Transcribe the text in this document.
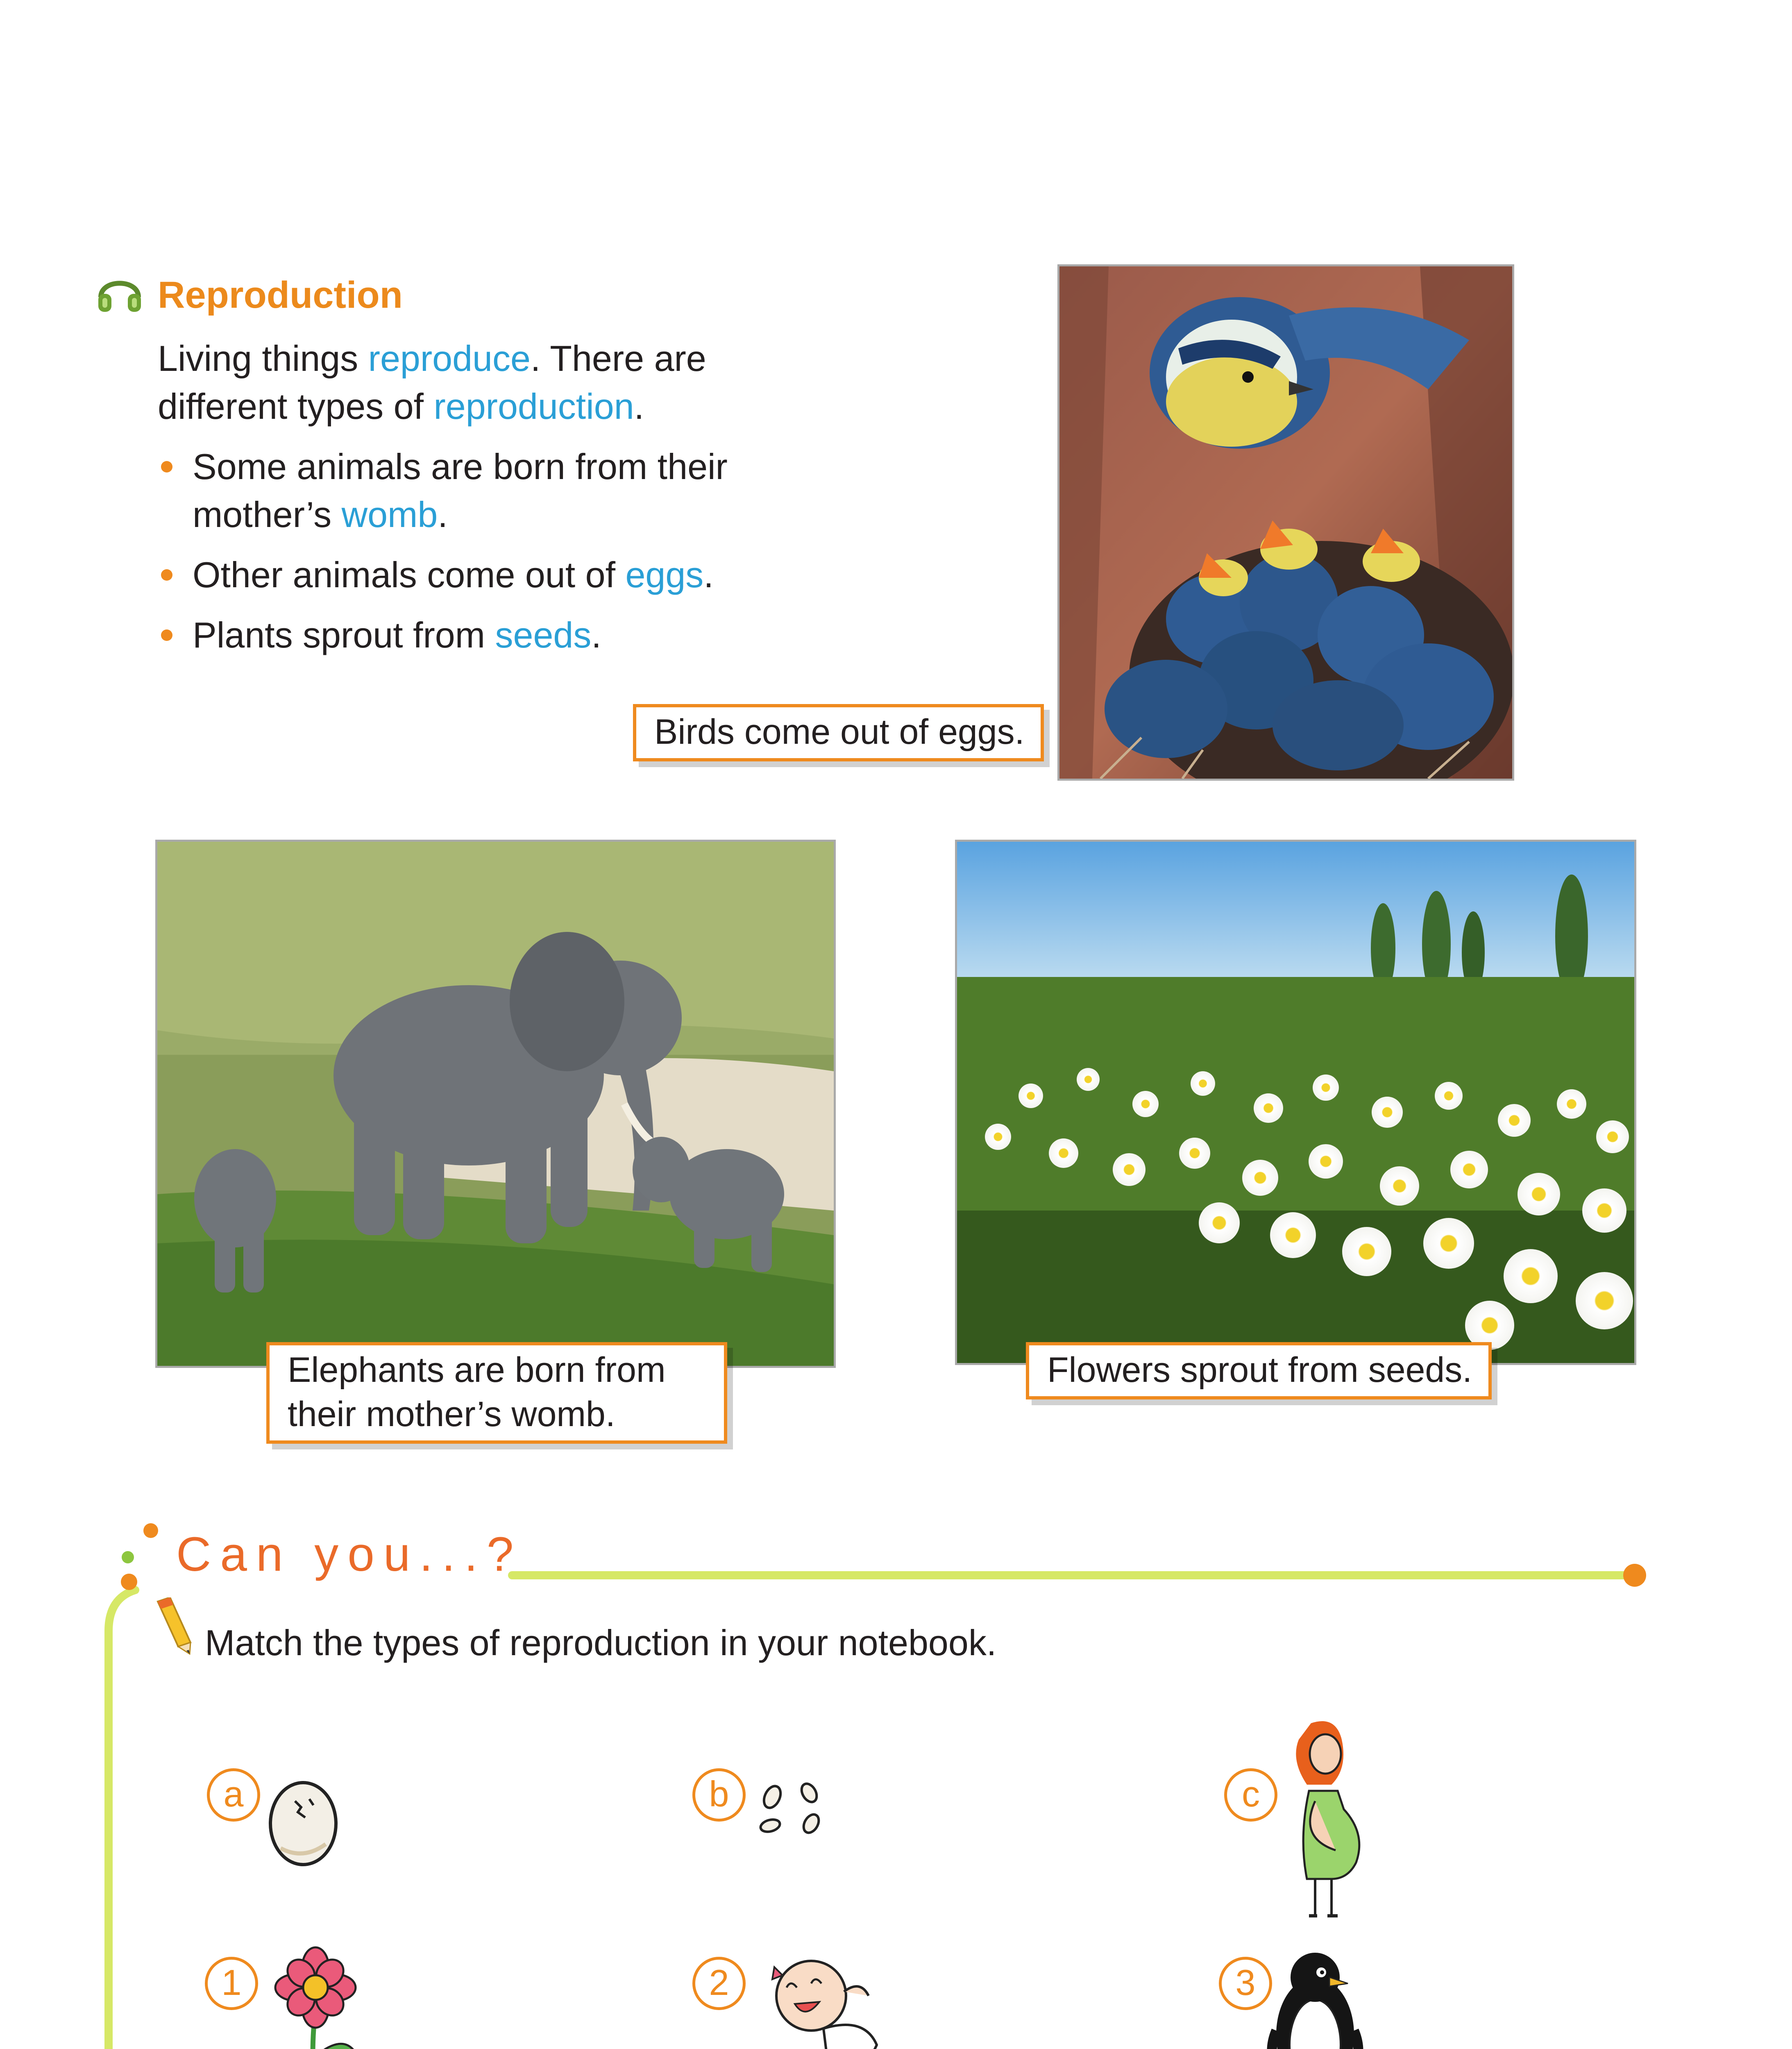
Reproduction
Living things reproduce. There are
different types of reproduction.
Some animals are born from their
mother’s womb.
Other animals come out of eggs.
Plants sprout from seeds.
Birds come out of eggs.
Elephants are born from
their mother’s womb.
Flowers sprout from seeds.
Can you...?
Match the types of reproduction in your notebook.
a	b	c
1	2	3
